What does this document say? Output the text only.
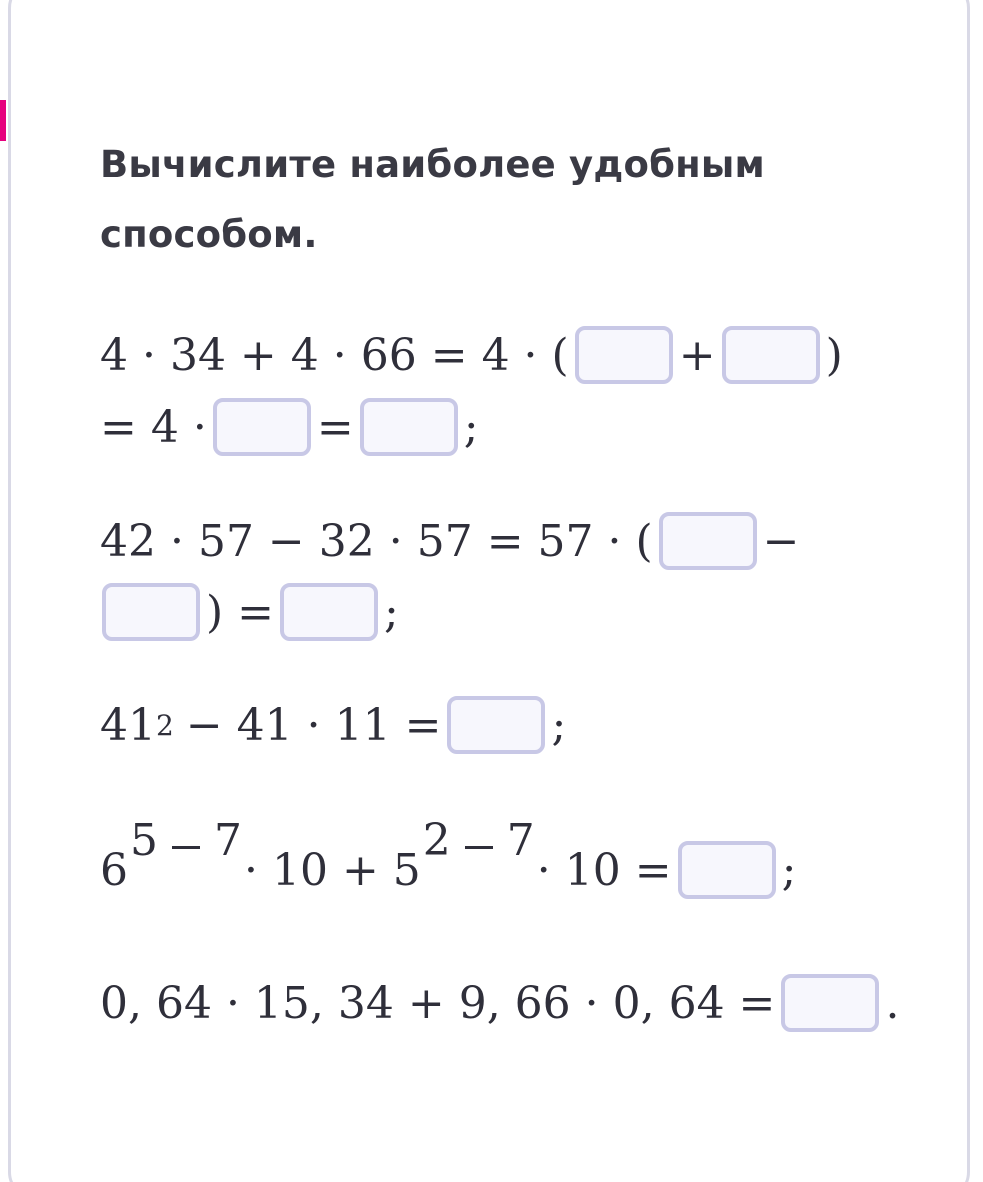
Вычислите наиболее удобным способом.
4 · 34 + 4 · 66 = 4 · (	+	)
= 4 ·	=	;
42 · 57 − 32 · 57 = 57 · (	−
) =	;
41 2 − 41 · 11 =	;
6
5 7
· 10 + 5
2 7
· 10 =	;
0, 64 · 15, 34 + 9, 66 · 0, 64 =	.
